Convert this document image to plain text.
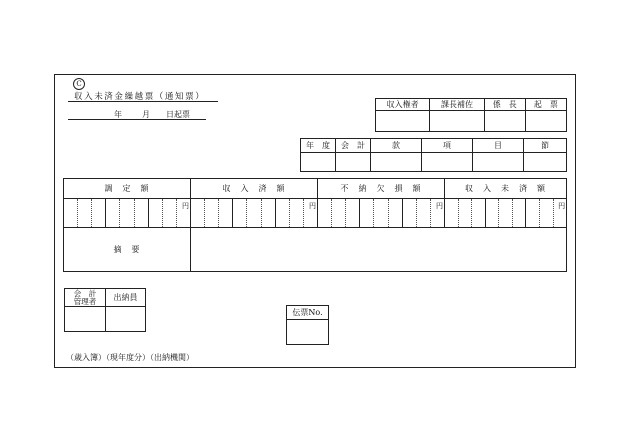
C
収入未済金繰越票（通知票）
年	月 日起票
収入権者	課長補佐	係　長	起　票

年　度	会　計	款	項	目	節

調　定　額	収　入　済　額	不　納　欠　損　額	収　入　未　済　額

円	円	円	円

摘　要			
会　計
管理者	出納員

伝票No.

（歳入簿）（現年度分）（出納機関）
